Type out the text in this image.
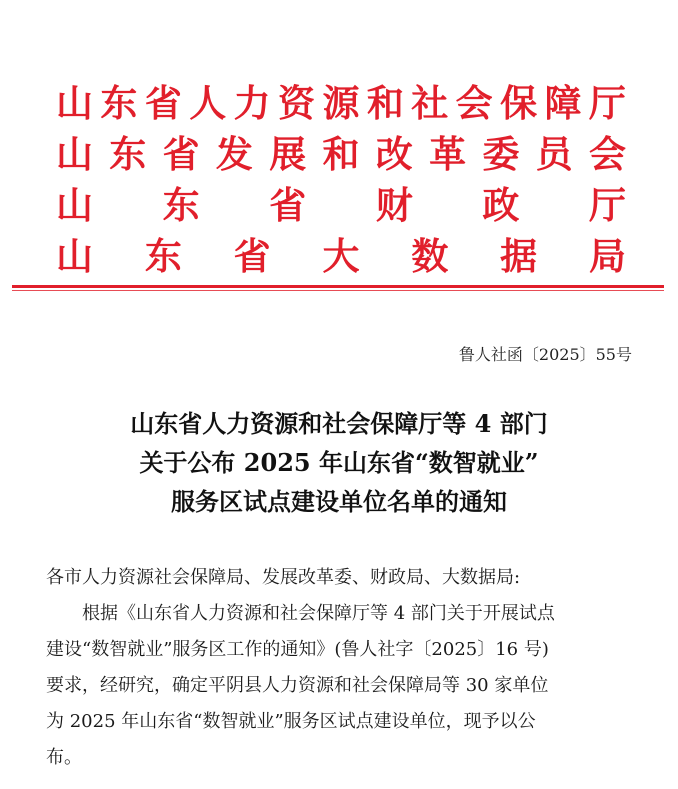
山 东 省 人 力 资 源 和 社 会 保 障 厅
山 东 省 发 展 和 改 革 委 员 会
山 东 省 财 政 厅
山 东 省 大 数 据 局
鲁人社函〔2025〕55号
山东省人力资源和社会保障厅等 4 部门
关于公布 2025 年山东省“数智就业”
服务区试点建设单位名单的通知

各市人力资源社会保障局、发展改革委、财政局、大数据局:

根据《山东省人力资源和社会保障厅等 4 部门关于开展试点

建设“数智就业”服务区工作的通知》(鲁人社字〔2025〕16 号)

要求，经研究，确定平阴县人力资源和社会保障局等 30 家单位

为 2025 年山东省“数智就业”服务区试点建设单位，现予以公

布。
